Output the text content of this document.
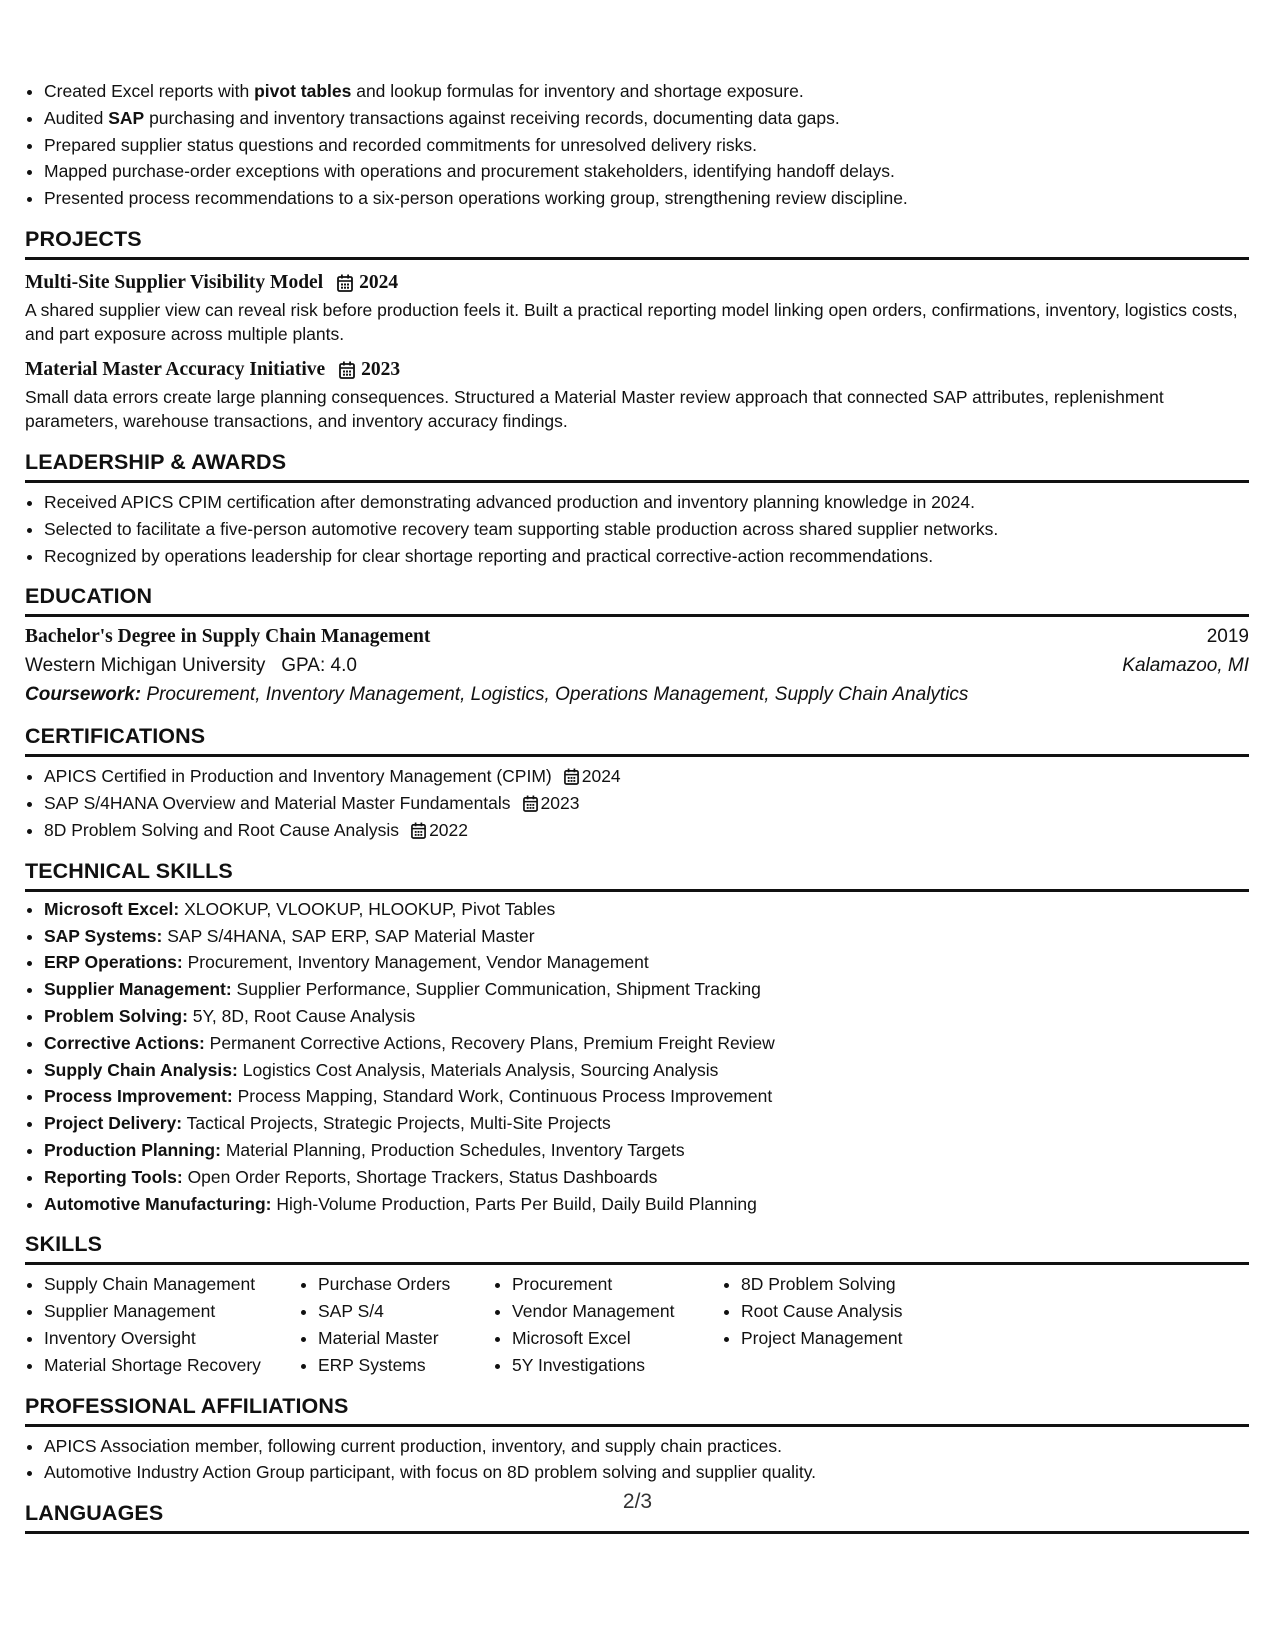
• Created Excel reports with pivot tables and lookup formulas for inventory and shortage exposure.
• Audited SAP purchasing and inventory transactions against receiving records, documenting data gaps.
• Prepared supplier status questions and recorded commitments for unresolved delivery risks.
• Mapped purchase-order exceptions with operations and procurement stakeholders, identifying handoff delays.
• Presented process recommendations to a six-person operations working group, strengthening review discipline.
PROJECTS
Multi-Site Supplier Visibility Model 2024
A shared supplier view can reveal risk before production feels it. Built a practical reporting model linking open orders, confirmations, inventory, logistics costs, and part exposure across multiple plants.
Material Master Accuracy Initiative 2023
Small data errors create large planning consequences. Structured a Material Master review approach that connected SAP attributes, replenishment parameters, warehouse transactions, and inventory accuracy findings.
LEADERSHIP & AWARDS
• Received APICS CPIM certification after demonstrating advanced production and inventory planning knowledge in 2024.
• Selected to facilitate a five-person automotive recovery team supporting stable production across shared supplier networks.
• Recognized by operations leadership for clear shortage reporting and practical corrective-action recommendations.
EDUCATION
Bachelor's Degree in Supply Chain Management	2019
Western Michigan University GPA: 4.0	Kalamazoo, MI
Coursework: Procurement, Inventory Management, Logistics, Operations Management, Supply Chain Analytics
CERTIFICATIONS
• APICS Certified in Production and Inventory Management (CPIM) 2024
• SAP S/4HANA Overview and Material Master Fundamentals 2023
• 8D Problem Solving and Root Cause Analysis 2022
TECHNICAL SKILLS
• Microsoft Excel: XLOOKUP, VLOOKUP, HLOOKUP, Pivot Tables
• SAP Systems: SAP S/4HANA, SAP ERP, SAP Material Master
• ERP Operations: Procurement, Inventory Management, Vendor Management
• Supplier Management: Supplier Performance, Supplier Communication, Shipment Tracking
• Problem Solving: 5Y, 8D, Root Cause Analysis
• Corrective Actions: Permanent Corrective Actions, Recovery Plans, Premium Freight Review
• Supply Chain Analysis: Logistics Cost Analysis, Materials Analysis, Sourcing Analysis
• Process Improvement: Process Mapping, Standard Work, Continuous Process Improvement
• Project Delivery: Tactical Projects, Strategic Projects, Multi-Site Projects
• Production Planning: Material Planning, Production Schedules, Inventory Targets
• Reporting Tools: Open Order Reports, Shortage Trackers, Status Dashboards
• Automotive Manufacturing: High-Volume Production, Parts Per Build, Daily Build Planning
SKILLS
• Supply Chain Management
• Supplier Management
• Inventory Oversight
• Material Shortage Recovery
• Purchase Orders
• SAP S/4
• Material Master
• ERP Systems
• Procurement
• Vendor Management
• Microsoft Excel
• 5Y Investigations
• 8D Problem Solving
• Root Cause Analysis
• Project Management
PROFESSIONAL AFFILIATIONS
• APICS Association member, following current production, inventory, and supply chain practices.
• Automotive Industry Action Group participant, with focus on 8D problem solving and supplier quality.
LANGUAGES	2/3
